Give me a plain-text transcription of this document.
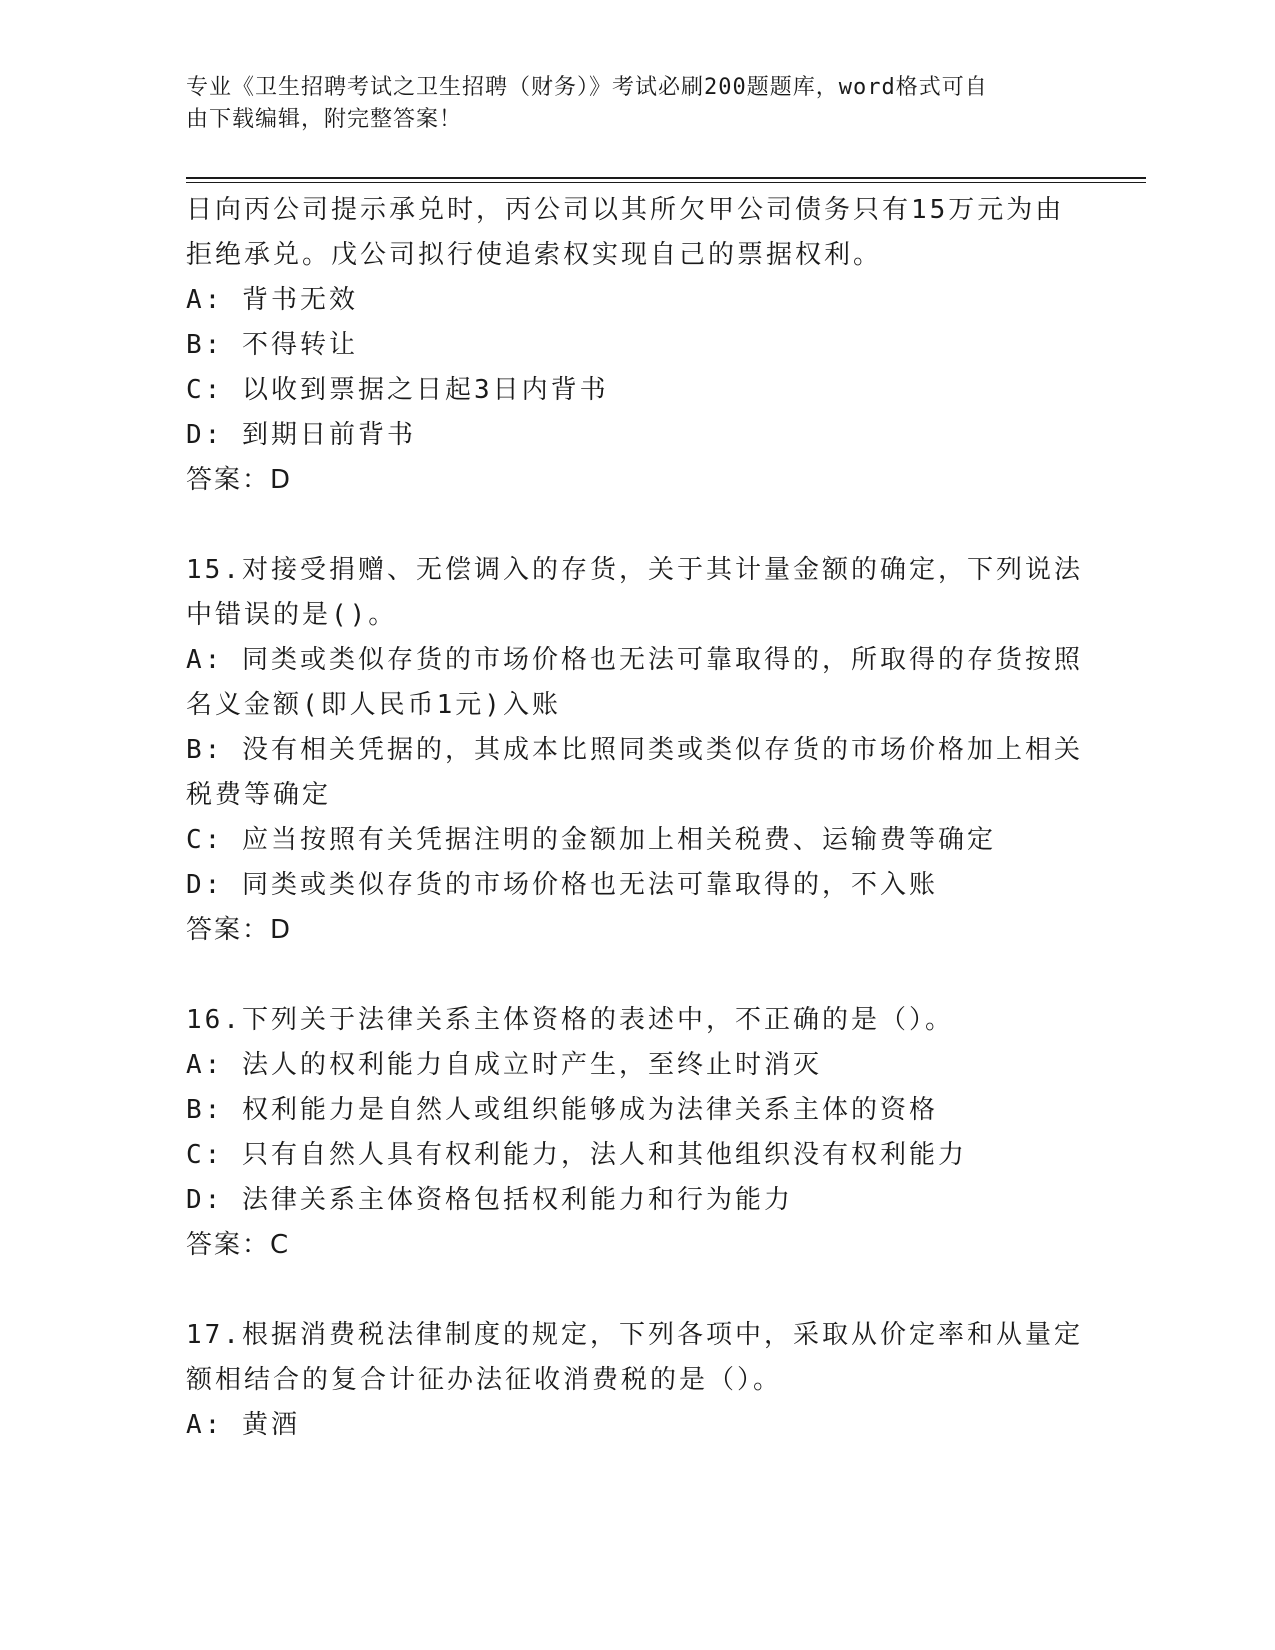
专业《卫生招聘考试之卫生招聘（财务）》考试必刷200题题库，word格式可自
由下载编辑，附完整答案！
日向丙公司提示承兑时，丙公司以其所欠甲公司债务只有15万元为由
拒绝承兑。戊公司拟行使追索权实现自己的票据权利。
A: 背书无效
B: 不得转让
C: 以收到票据之日起3日内背书
D: 到期日前背书
答案：D
15.对接受捐赠、无偿调入的存货，关于其计量金额的确定，下列说法
中错误的是()。
A: 同类或类似存货的市场价格也无法可靠取得的，所取得的存货按照
名义金额(即人民币1元)入账
B: 没有相关凭据的，其成本比照同类或类似存货的市场价格加上相关
税费等确定
C: 应当按照有关凭据注明的金额加上相关税费、运输费等确定
D: 同类或类似存货的市场价格也无法可靠取得的，不入账
答案：D
16.下列关于法律关系主体资格的表述中，不正确的是（）。
A: 法人的权利能力自成立时产生，至终止时消灭
B: 权利能力是自然人或组织能够成为法律关系主体的资格
C: 只有自然人具有权利能力，法人和其他组织没有权利能力
D: 法律关系主体资格包括权利能力和行为能力
答案：C
17.根据消费税法律制度的规定，下列各项中，采取从价定率和从量定
额相结合的复合计征办法征收消费税的是（）。
A: 黄酒
